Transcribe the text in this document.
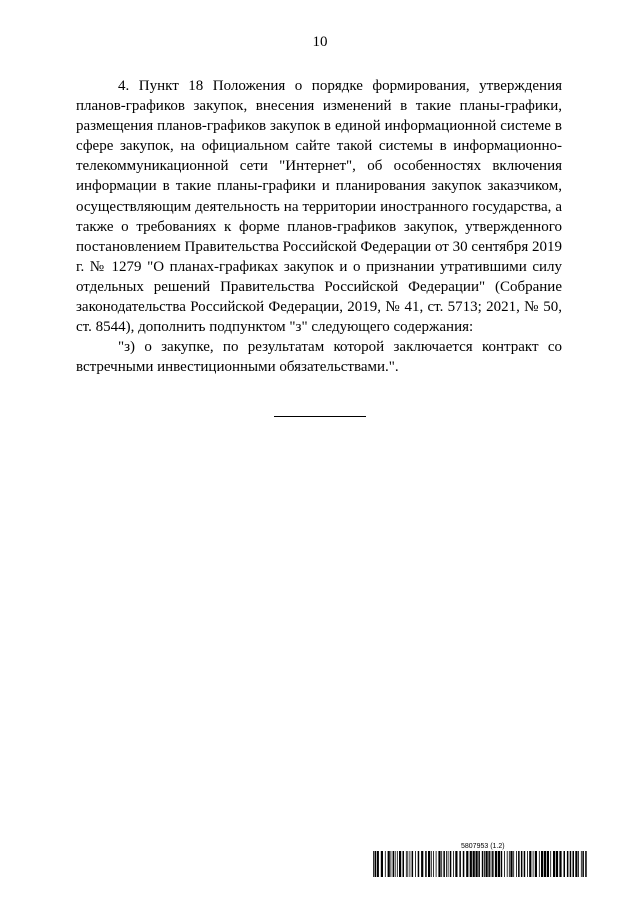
10

4. Пункт 18 Положения о порядке формирования, утверждения планов-графиков закупок, внесения изменений в такие планы-графики, размещения планов-графиков закупок в единой информационной системе в сфере закупок, на официальном сайте такой системы в информационно-телекоммуникационной сети "Интернет", об особенностях включения информации в такие планы-графики и планирования закупок заказчиком, осуществляющим деятельность на территории иностранного государства, а также о требованиях к форме планов-графиков закупок, утвержденного постановлением Правительства Российской Федерации от 30 сентября 2019 г. № 1279 "О планах-графиках закупок и о признании утратившими силу отдельных решений Правительства Российской Федерации" (Собрание законодательства Российской Федерации, 2019, № 41, ст. 5713; 2021, № 50, ст. 8544), дополнить подпунктом "з" следующего содержания:

"з) о закупке, по результатам которой заключается контракт со встречными инвестиционными обязательствами.".

5807953 (1.2)
